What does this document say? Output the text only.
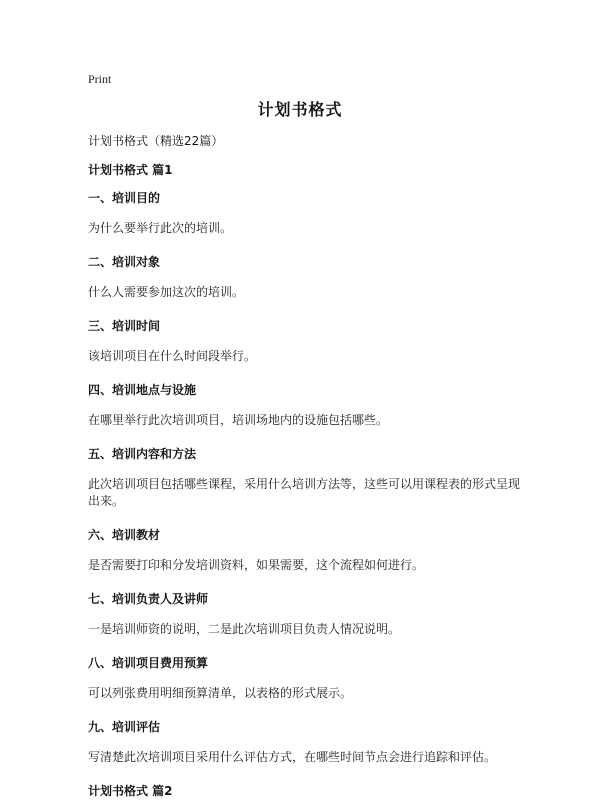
Print
计划书格式
计划书格式（精选22篇）
计划书格式 篇1
一、培训目的
为什么要举行此次的培训。
二、培训对象
什么人需要参加这次的培训。
三、培训时间
该培训项目在什么时间段举行。
四、培训地点与设施
在哪里举行此次培训项目，培训场地内的设施包括哪些。
五、培训内容和方法
此次培训项目包括哪些课程，采用什么培训方法等，这些可以用课程表的形式呈现出来。
六、培训教材
是否需要打印和分发培训资料，如果需要，这个流程如何进行。
七、培训负责人及讲师
一是培训师资的说明，二是此次培训项目负责人情况说明。
八、培训项目费用预算
可以列张费用明细预算清单，以表格的形式展示。
九、培训评估
写清楚此次培训项目采用什么评估方式，在哪些时间节点会进行追踪和评估。
计划书格式 篇2
